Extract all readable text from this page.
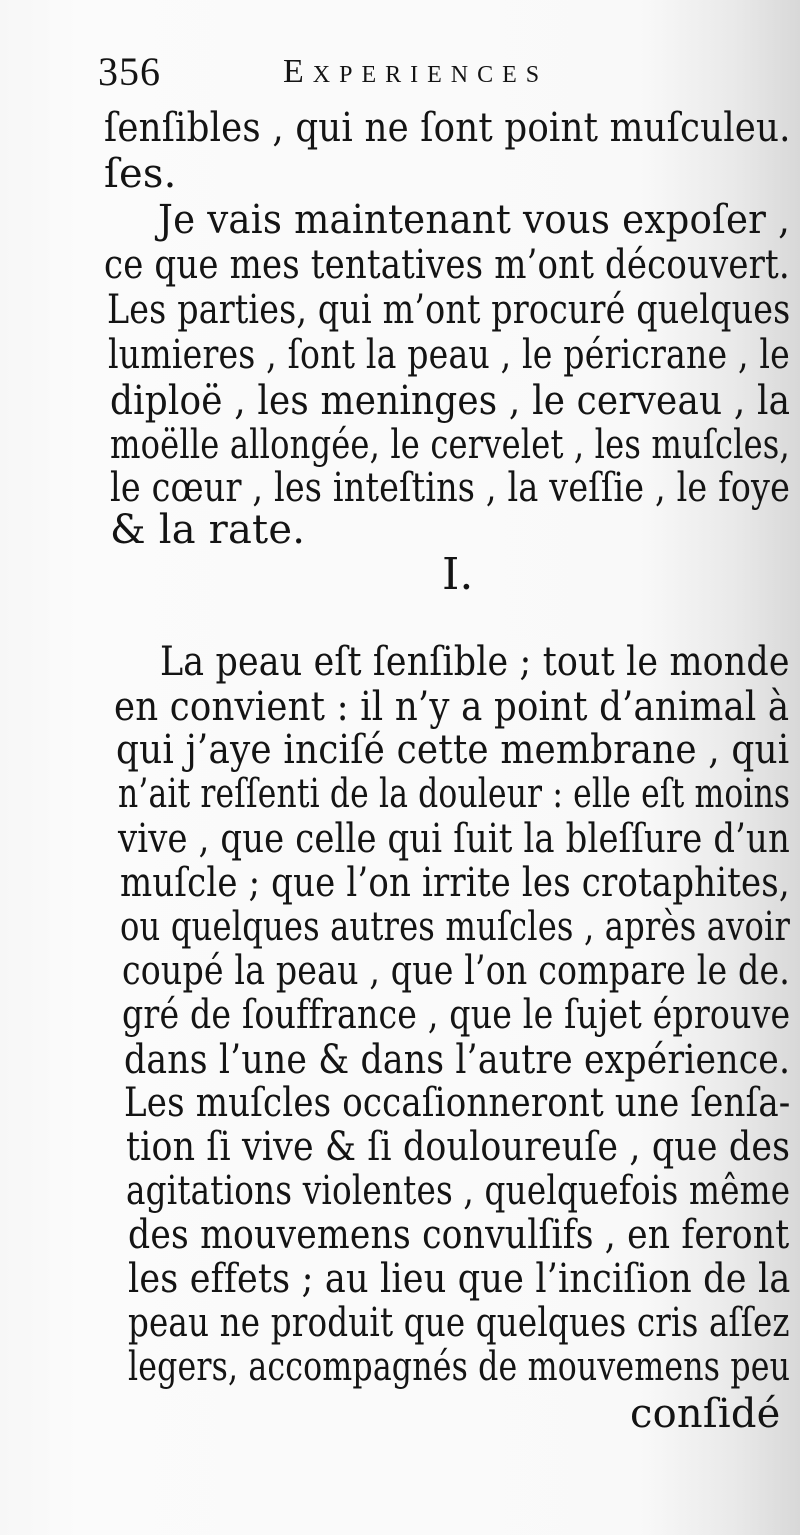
356	Experiences
ſenſibles , qui ne ſont point muſculeu.
ſes.
Je vais maintenant vous expoſer ,
ce que mes tentatives m’ont découvert.
Les parties, qui m’ont procuré quelques
lumieres , ſont la peau , le péricrane , le
diploë , les meninges , le cerveau , la
moëlle allongée, le cervelet , les muſcles,
le cœur , les inteſtins , la veſſie , le foye
& la rate.
I.
La peau eſt ſenſible ; tout le monde
en convient : il n’y a point d’animal à
qui j’aye inciſé cette membrane , qui
n’ait reſſenti de la douleur : elle eſt moins
vive , que celle qui ſuit la bleſſure d’un
muſcle ; que l’on irrite les crotaphites,
ou quelques autres muſcles , après avoir
coupé la peau , que l’on compare le de.
gré de ſouffrance , que le ſujet éprouve
dans l’une & dans l’autre expérience.
Les muſcles occaſionneront une ſenſa-
tion ſi vive & ſi douloureuſe , que des
agitations violentes , quelquefois même
des mouvemens convulſifs , en feront
les effets ; au lieu que l’inciſion de la
peau ne produit que quelques cris aſſez
legers, accompagnés de mouvemens peu
conſidé
